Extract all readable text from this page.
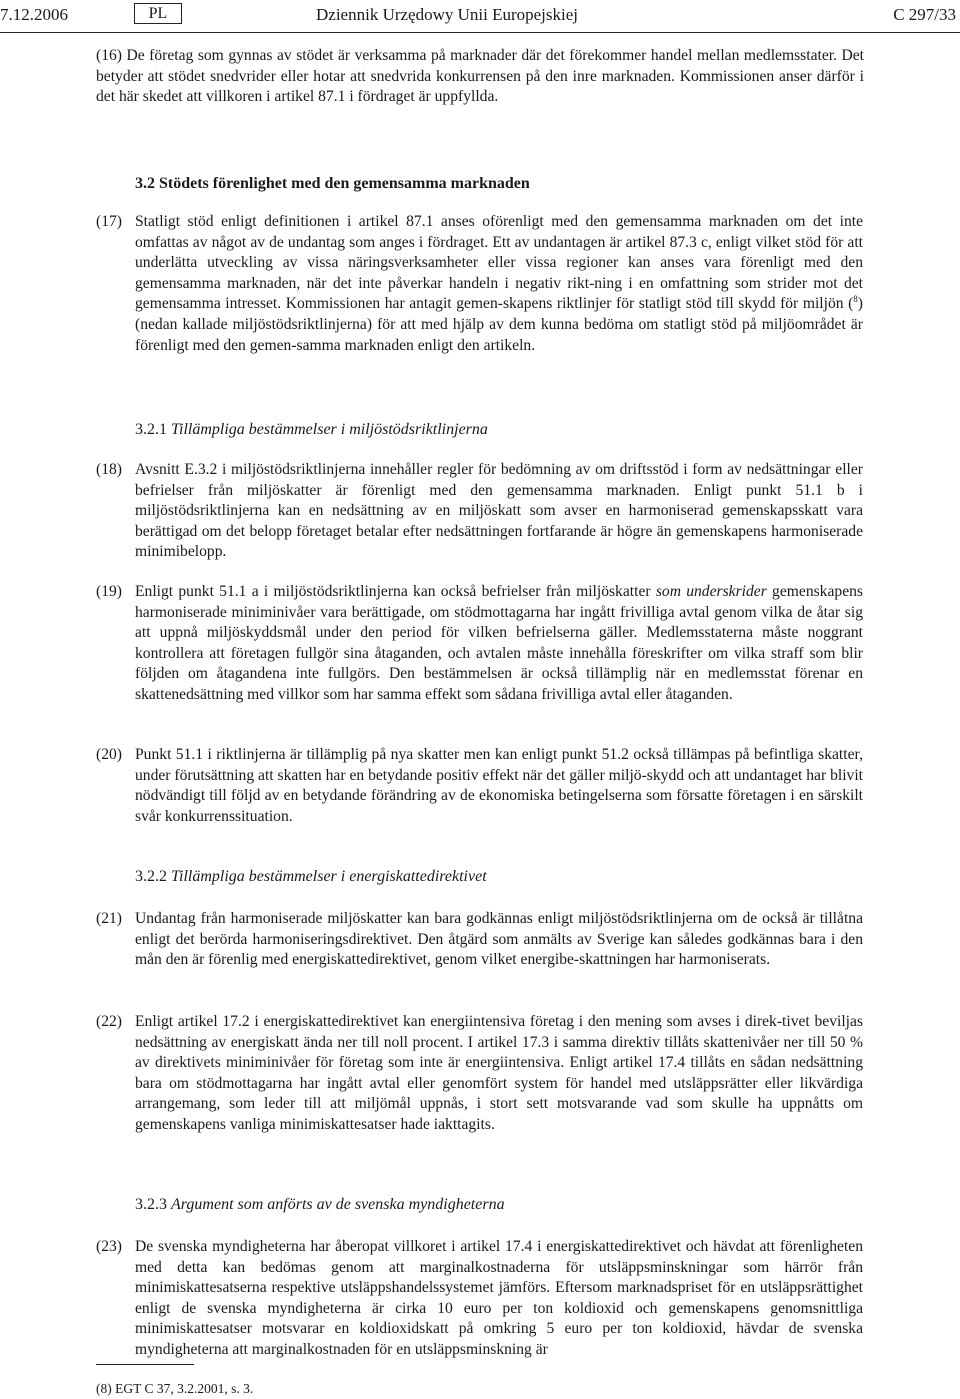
7.12.2006	PL	Dziennik Urzędowy Unii Europejskiej	C 297/33
(16) De företag som gynnas av stödet är verksamma på marknader där det förekommer handel mellan medlemsstater. Det betyder att stödet snedvrider eller hotar att snedvrida konkurrensen på den inre marknaden. Kommissionen anser därför i det här skedet att villkoren i artikel 87.1 i fördraget är uppfyllda.
3.2 Stödets förenlighet med den gemensamma marknaden
(17) Statligt stöd enligt definitionen i artikel 87.1 anses oförenligt med den gemensamma marknaden om det inte omfattas av något av de undantag som anges i fördraget. Ett av undantagen är artikel 87.3 c, enligt vilket stöd för att underlätta utveckling av vissa näringsverksamheter eller vissa regioner kan anses vara förenligt med den gemensamma marknaden, när det inte påverkar handeln i negativ rikt-ning i en omfattning som strider mot det gemensamma intresset. Kommissionen har antagit gemen-skapens riktlinjer för statligt stöd till skydd för miljön ($^8$) (nedan kallade miljöstödsriktlinjerna) för att med hjälp av dem kunna bedöma om statligt stöd på miljöområdet är förenligt med den gemen-samma marknaden enligt den artikeln.
3.2.1 Tillämpliga bestämmelser i miljöstödsriktlinjerna
(18) Avsnitt E.3.2 i miljöstödsriktlinjerna innehåller regler för bedömning av om driftsstöd i form av nedsättningar eller befrielser från miljöskatter är förenligt med den gemensamma marknaden. Enligt punkt 51.1 b i miljöstödsriktlinjerna kan en nedsättning av en miljöskatt som avser en harmoniserad gemenskapsskatt vara berättigad om det belopp företaget betalar efter nedsättningen fortfarande är högre än gemenskapens harmoniserade minimibelopp.
(19) Enligt punkt 51.1 a i miljöstödsriktlinjerna kan också befrielser från miljöskatter som underskrider gemenskapens harmoniserade miniminivåer vara berättigade, om stödmottagarna har ingått frivilliga avtal genom vilka de åtar sig att uppnå miljöskyddsmål under den period för vilken befrielserna gäller. Medlemsstaterna måste noggrant kontrollera att företagen fullgör sina åtaganden, och avtalen måste innehålla föreskrifter om vilka straff som blir följden om åtagandena inte fullgörs. Den bestämmelsen är också tillämplig när en medlemsstat förenar en skattenedsättning med villkor som har samma effekt som sådana frivilliga avtal eller åtaganden.
(20) Punkt 51.1 i riktlinjerna är tillämplig på nya skatter men kan enligt punkt 51.2 också tillämpas på befintliga skatter, under förutsättning att skatten har en betydande positiv effekt när det gäller miljö-skydd och att undantaget har blivit nödvändigt till följd av en betydande förändring av de ekonomiska betingelserna som försatte företagen i en särskilt svår konkurrenssituation.
3.2.2 Tillämpliga bestämmelser i energiskattedirektivet
(21) Undantag från harmoniserade miljöskatter kan bara godkännas enligt miljöstödsriktlinjerna om de också är tillåtna enligt det berörda harmoniseringsdirektivet. Den åtgärd som anmälts av Sverige kan således godkännas bara i den mån den är förenlig med energiskattedirektivet, genom vilket energibe-skattningen har harmoniserats.
(22) Enligt artikel 17.2 i energiskattedirektivet kan energiintensiva företag i den mening som avses i direk-tivet beviljas nedsättning av energiskatt ända ner till noll procent. I artikel 17.3 i samma direktiv tillåts skattenivåer ner till 50 % av direktivets miniminivåer för företag som inte är energiintensiva. Enligt artikel 17.4 tillåts en sådan nedsättning bara om stödmottagarna har ingått avtal eller genomfört system för handel med utsläppsrätter eller likvärdiga arrangemang, som leder till att miljömål uppnås, i stort sett motsvarande vad som skulle ha uppnåtts om gemenskapens vanliga minimiskattesatser hade iakttagits.
3.2.3 Argument som anförts av de svenska myndigheterna
(23) De svenska myndigheterna har åberopat villkoret i artikel 17.4 i energiskattedirektivet och hävdat att förenligheten med detta kan bedömas genom att marginalkostnaderna för utsläppsminskningar som härrör från minimiskattesatserna respektive utsläppshandelssystemet jämförs. Eftersom marknadspriset för en utsläppsrättighet enligt de svenska myndigheterna är cirka 10 euro per ton koldioxid och gemenskapens genomsnittliga minimiskattesatser motsvarar en koldioxidskatt på omkring 5 euro per ton koldioxid, hävdar de svenska myndigheterna att marginalkostnaden för en utsläppsminskning är
(8) EGT C 37, 3.2.2001, s. 3.
